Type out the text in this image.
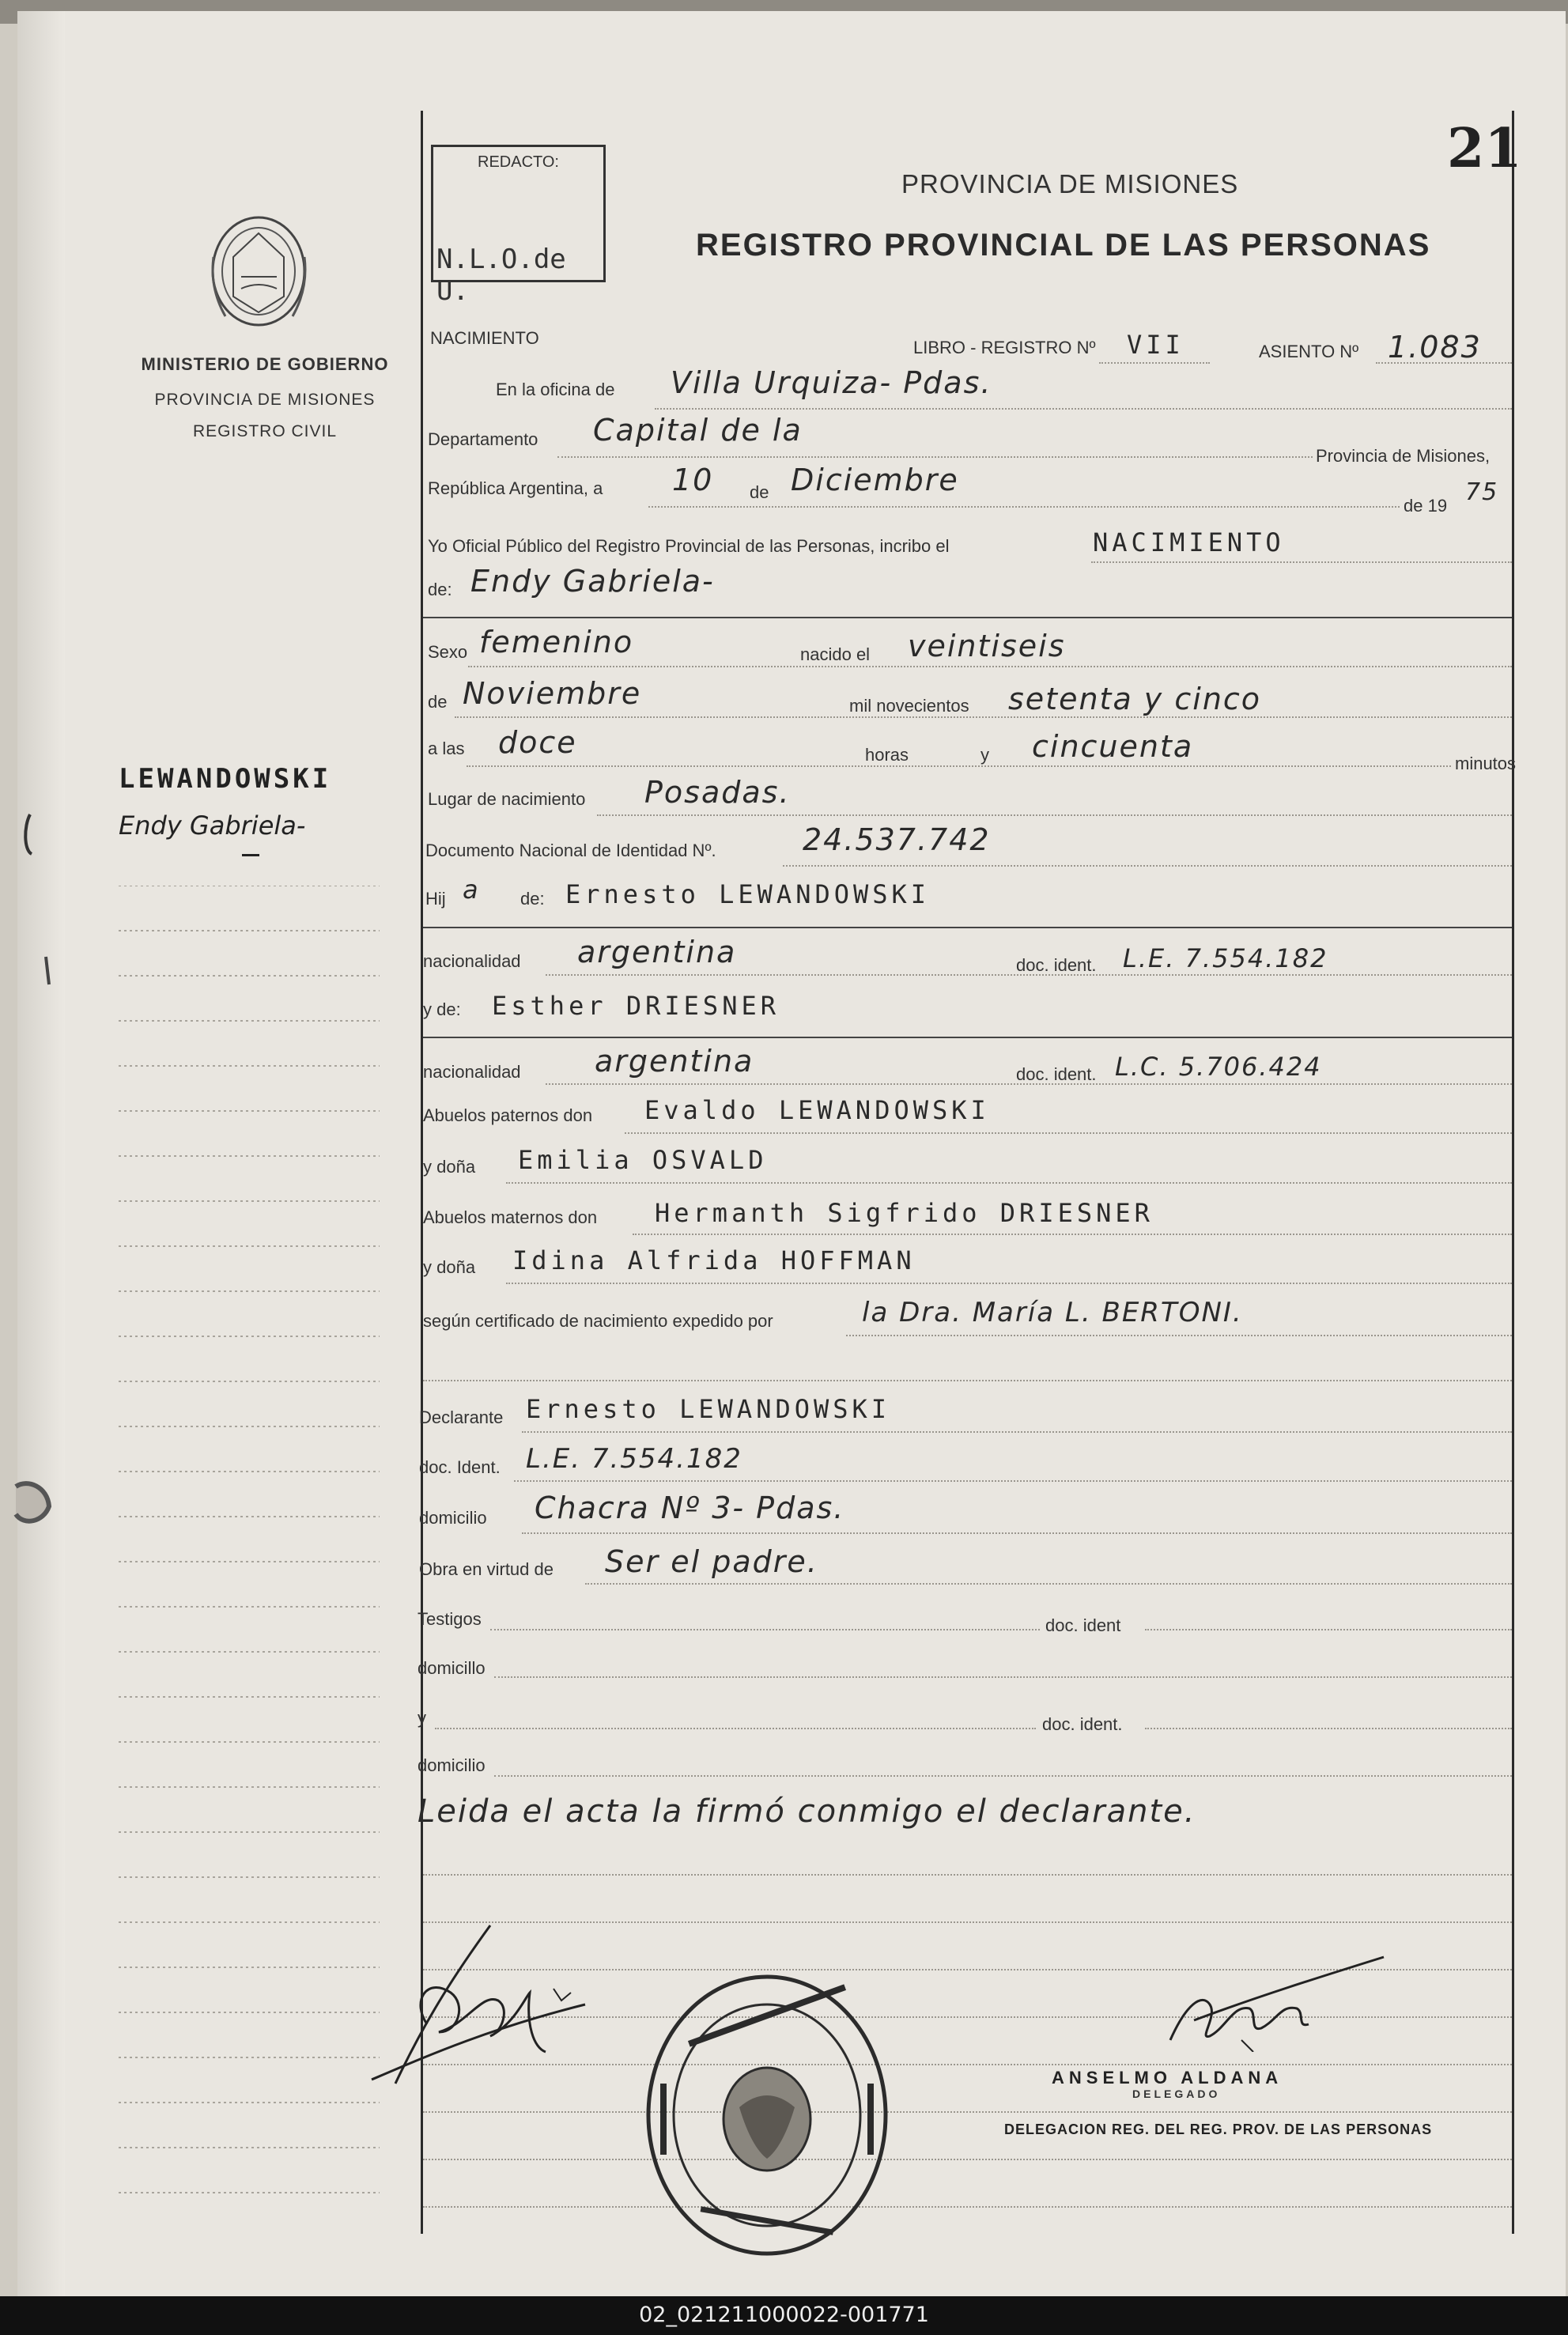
21
REDACTO:
N.L.O.de U.
PROVINCIA DE MISIONES
REGISTRO PROVINCIAL DE LAS PERSONAS
MINISTERIO DE GOBIERNO
PROVINCIA DE MISIONES
REGISTRO CIVIL
LEWANDOWSKI
Endy Gabriela-
NACIMIENTO	LIBRO - REGISTRO Nº VII	ASIENTO Nº 1.083
En la oficina de Villa Urquiza- Pdas.
Departamento Capital de la
Provincia de Misiones,
República Argentina, a 10 de Diciembre
de 19 75
Yo Oficial Público del Registro Provincial de las Personas, incribo el	NACIMIENTO
de: Endy Gabriela-
Sexo femenino	nacido el veintiseis
de Noviembre	mil novecientos setenta y cinco
a las doce	horas	y cincuenta	minutos
Lugar de nacimiento Posadas.
Documento Nacional de Identidad Nº.	24.537.742
Hij a de: Ernesto LEWANDOWSKI
nacionalidad argentina	doc. ident. L.E. 7.554.182
y de: Esther DRIESNER
nacionalidad argentina	doc. ident. L.C. 5.706.424
Abuelos paternos don Evaldo LEWANDOWSKI
y doña Emilia OSVALD
Abuelos maternos don Hermanth Sigfrido DRIESNER
y doña Idina Alfrida HOFFMAN
según certificado de nacimiento expedido por	la Dra. María L. BERTONI.
Declarante Ernesto LEWANDOWSKI
doc. Ident. L.E. 7.554.182
domicilio Chacra Nº 3- Pdas.
Obra en virtud de Ser el padre.
Testigos	doc. ident
domicillo
y	doc. ident.
domicilio
Leida el acta la firmó conmigo el declarante.
ANSELMO ALDANA
DELEGADO
DELEGACION REG. DEL REG. PROV. DE LAS PERSONAS
02_021211000022-001771
